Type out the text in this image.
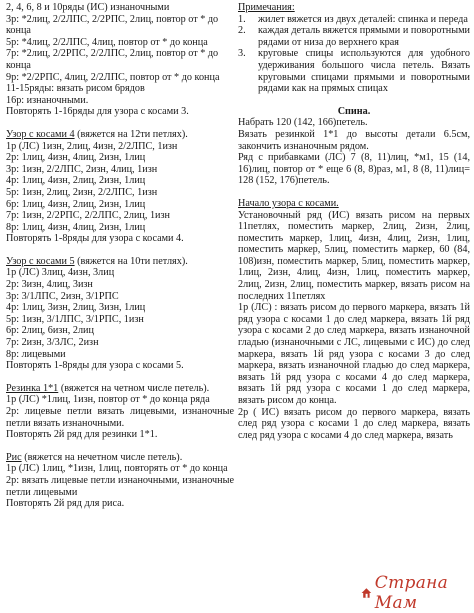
2, 4, 6, 8 и 10ряды (ИС) изнаночными
3р: *2лиц, 2/2ЛПС, 2/2РПС, 2лиц, повтор от * до конца
5р: *4лиц, 2/2ЛПС, 4лиц, повтор от * до конца
7р: *2лиц, 2/2РПС, 2/2ЛПС, 2лиц, повтор от * до конца
9р: *2/2РПС, 4лиц, 2/2ЛПС, повтор от * до конца
11-15ряды: вязать рисом 6рядов
16р: изнаночными.
Повторять 1-16ряды для узора с косами 3.
Узор с косами 4 (вяжется на 12ти петлях).
1р (ЛС) 1изн, 2лиц, 4изн, 2/2ЛПС, 1изн
2р: 1лиц, 4изн, 4лиц, 2изн, 1лиц
3р: 1изн, 2/2ЛПС, 2изн, 4лиц, 1изн
4р: 1лиц, 4изн, 2лиц, 2изн, 1лиц
5р: 1изн, 2лиц, 2изн, 2/2ЛПС, 1изн
6р: 1лиц, 4изн, 2лиц, 2изн, 1лиц
7р: 1изн, 2/2РПС, 2/2ЛПС, 2лиц, 1изн
8р: 1лиц, 4изн, 4лиц, 2изн, 1лиц
Повторять 1-8ряды для узора с косами 4.
Узор с косами 5 (вяжется на 10ти петлях).
1р (ЛС) 3лиц, 4изн, 3лиц
2р: 3изн, 4лиц, 3изн
3р: 3/1ЛПС, 2изн, 3/1РПС
4р: 1лиц, 3изн, 2лиц, 3изн, 1лиц
5р: 1изн, 3/1ЛПС, 3/1РПС, 1изн
6р: 2лиц, 6изн, 2лиц
7р: 2изн, 3/3ЛС, 2изн
8р: лицевыми
Повторять 1-8ряды для узора с косами 5.
Резинка 1*1 (вяжется на четном числе петель).
1р (ЛС) *1лиц, 1изн, повтор от * до конца ряда
2р: лицевые петли вязать лицевыми, изнаночные петли вязать изнаночными.
Повторять 2й ряд для резинки 1*1.
Рис (вяжется на нечетном числе петель).
1р (ЛС) 1лиц, *1изн, 1лиц, повторять от * до конца
2р: вязать лицевые петли изнаночными, изнаночные петли лицевыми
Повторять 2й ряд для риса.
Примечания:
1.	жилет вяжется из двух деталей: спинка и переда
2.	каждая деталь вяжется прямыми и поворотными рядами от низа до верхнего края
3.	круговые спицы используются для удобного удерживания большого числа петель. Вязать круговыми спицами прямыми и поворотными рядами как на прямых спицах
Спина.
Набрать 120 (142, 166)петель.
Вязать резинкой 1*1 до высоты детали 6.5см, закончить изнаночным рядом.
Ряд с прибавками (ЛС) 7 (8, 11)лиц, *м1, 15 (14, 16)лиц, повтор от * еще 6 (8, 8)раз, м1, 8 (8, 11)лиц= 128 (152, 176)петель.
Начало узора с косами.
Установочный ряд (ИС) вязать рисом на первых 11петлях, поместить маркер, 2лиц, 2изн, 2лиц, поместить маркер, 1лиц, 4изн, 4лиц, 2изн, 1лиц, поместить маркер, 5лиц, поместить маркер, 60 (84, 108)изн, поместить маркер, 5лиц, поместить маркер, 1лиц, 2изн, 4лиц, 4изн, 1лиц, поместить маркер, 2лиц, 2изн, 2лиц, поместить маркер, вязать рисом на последних 11петлях
1р (ЛС) : вязать рисом до первого маркера, вязать 1й ряд узора с косами 1 до след маркера, вязать 1й ряд узора с косами 2 до след маркера, вязать изнаночной гладью (изнаночными с ЛС, лицевыми с ИС) до след маркера, вязать 1й ряд узора с косами 3 до след маркера, вязать изнаночной гладью до след маркера, вязать 1й ряд узора с косами 4 до след маркера, вязать 1й ряд узора с косами 1 до след маркера, вязать рисом до конца.
2р ( ИС) вязать рисом до первого маркера, вязать след ряд узора с косами 1 до след маркера, вязать след ряд узора с косами 4 до след маркера, вязать
Страна Мам
